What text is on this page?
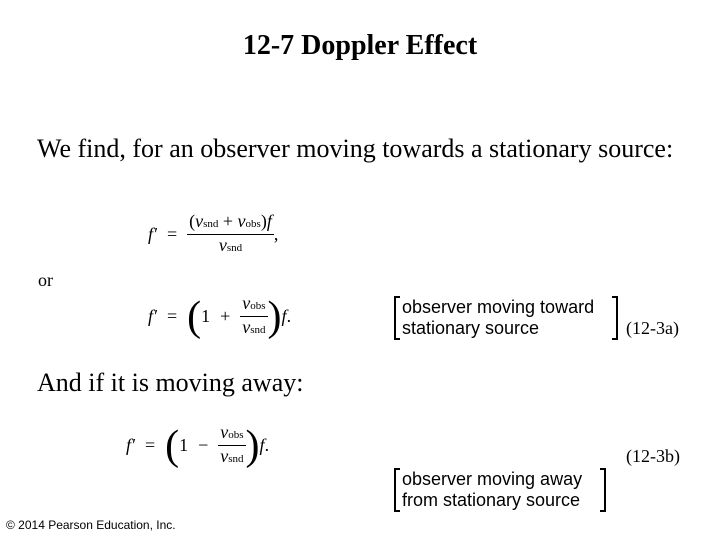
12-7 Doppler Effect
We find, for an observer moving towards a stationary source:
$f' = \frac{\text{(vsnd + vobs)f}}{\text{vsnd}}$ ,
or
f′ = ( $1 + \frac{\text{vobs}}{\text{vsnd}}$ ) f .	observer moving toward
stationary source	(12-3a)
And if it is moving away:
f′ = ( $1 - \frac{\text{vobs}}{\text{vsnd}}$ ) f .
observer moving away
from stationary source
(12-3b)
© 2014 Pearson Education, Inc.
